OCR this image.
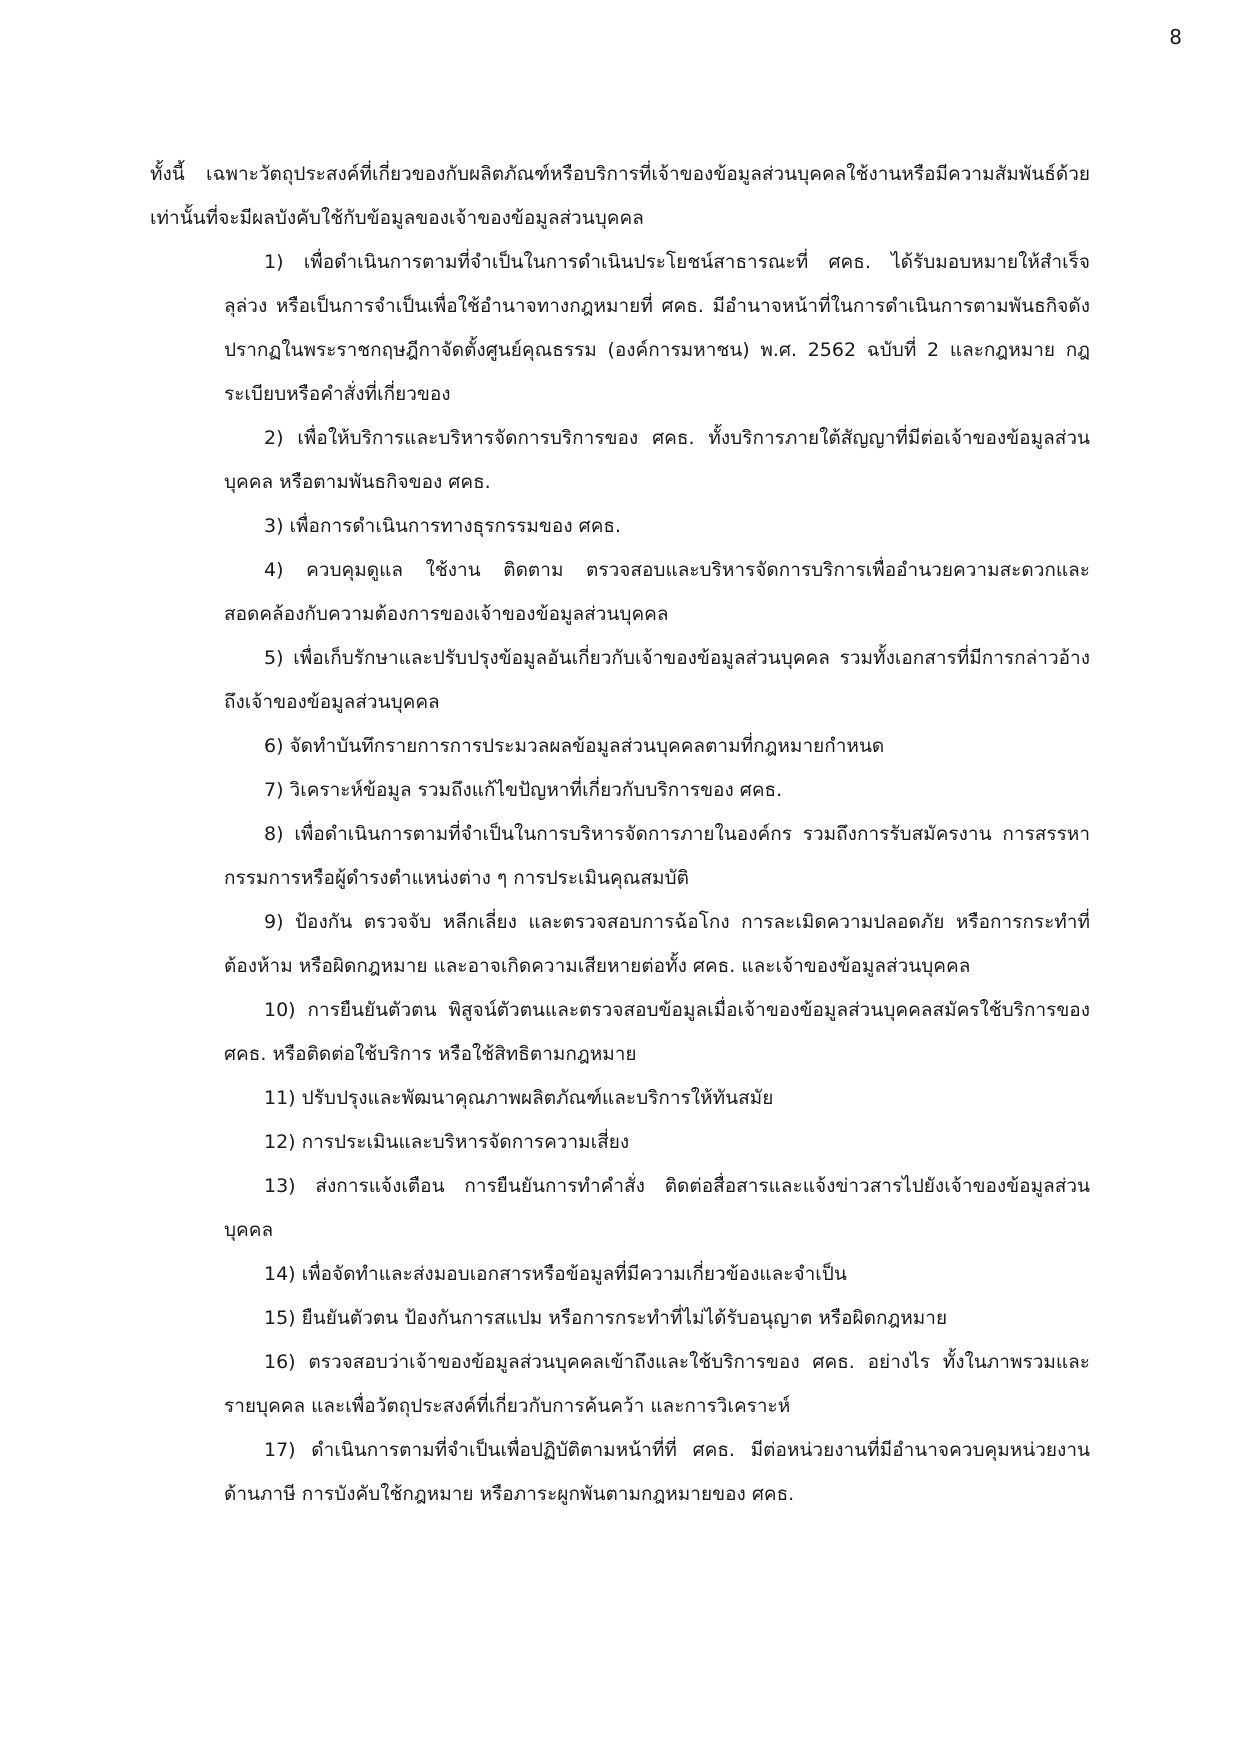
8

ทั้งนี้ เฉพาะวัตถุประสงค์ที่เกี่ยวของกับผลิตภัณฑ์หรือบริการที่เจ้าของข้อมูลส่วนบุคคลใช้งานหรือมีความสัมพันธ์ด้วยเท่านั้นที่จะมีผลบังคับใช้กับข้อมูลของเจ้าของข้อมูลส่วนบุคคล

1) เพื่อดำเนินการตามที่จำเป็นในการดำเนินประโยชน์สาธารณะที่ ศคธ. ได้รับมอบหมายให้สำเร็จลุล่วง หรือเป็นการจำเป็นเพื่อใช้อำนาจทางกฎหมายที่ ศคธ. มีอำนาจหน้าที่ในการดำเนินการตามพันธกิจดังปรากฏในพระราชกฤษฎีกาจัดตั้งศูนย์คุณธรรม (องค์การมหาชน) พ.ศ. 2562 ฉบับที่ 2 และกฎหมาย กฎ ระเบียบหรือคำสั่งที่เกี่ยวของ
2) เพื่อให้บริการและบริหารจัดการบริการของ ศคธ. ทั้งบริการภายใต้สัญญาที่มีต่อเจ้าของข้อมูลส่วนบุคคล หรือตามพันธกิจของ ศคธ.
3) เพื่อการดำเนินการทางธุรกรรมของ ศคธ.
4) ควบคุมดูแล ใช้งาน ติดตาม ตรวจสอบและบริหารจัดการบริการเพื่ออำนวยความสะดวกและสอดคล้องกับความต้องการของเจ้าของข้อมูลส่วนบุคคล
5) เพื่อเก็บรักษาและปรับปรุงข้อมูลอันเกี่ยวกับเจ้าของข้อมูลส่วนบุคคล รวมทั้งเอกสารที่มีการกล่าวอ้างถึงเจ้าของข้อมูลส่วนบุคคล
6) จัดทำบันทึกรายการการประมวลผลข้อมูลส่วนบุคคลตามที่กฎหมายกำหนด
7) วิเคราะห์ข้อมูล รวมถึงแก้ไขปัญหาที่เกี่ยวกับบริการของ ศคธ.
8) เพื่อดำเนินการตามที่จำเป็นในการบริหารจัดการภายในองค์กร รวมถึงการรับสมัครงาน การสรรหากรรมการหรือผู้ดำรงตำแหน่งต่าง ๆ การประเมินคุณสมบัติ
9) ป้องกัน ตรวจจับ หลีกเลี่ยง และตรวจสอบการฉ้อโกง การละเมิดความปลอดภัย หรือการกระทำที่ต้องห้าม หรือผิดกฎหมาย และอาจเกิดความเสียหายต่อทั้ง ศคธ. และเจ้าของข้อมูลส่วนบุคคล
10) การยืนยันตัวตน พิสูจน์ตัวตนและตรวจสอบข้อมูลเมื่อเจ้าของข้อมูลส่วนบุคคลสมัครใช้บริการของ ศคธ. หรือติดต่อใช้บริการ หรือใช้สิทธิตามกฎหมาย
11) ปรับปรุงและพัฒนาคุณภาพผลิตภัณฑ์และบริการให้ทันสมัย
12) การประเมินและบริหารจัดการความเสี่ยง
13) ส่งการแจ้งเตือน การยืนยันการทำคำสั่ง ติดต่อสื่อสารและแจ้งข่าวสารไปยังเจ้าของข้อมูลส่วนบุคคล
14) เพื่อจัดทำและส่งมอบเอกสารหรือข้อมูลที่มีความเกี่ยวข้องและจำเป็น
15) ยืนยันตัวตน ป้องกันการสแปม หรือการกระทำที่ไม่ได้รับอนุญาต หรือผิดกฎหมาย
16) ตรวจสอบว่าเจ้าของข้อมูลส่วนบุคคลเข้าถึงและใช้บริการของ ศคธ. อย่างไร ทั้งในภาพรวมและรายบุคคล และเพื่อวัตถุประสงค์ที่เกี่ยวกับการค้นคว้า และการวิเคราะห์
17) ดำเนินการตามที่จำเป็นเพื่อปฏิบัติตามหน้าที่ที่ ศคธ. มีต่อหน่วยงานที่มีอำนาจควบคุมหน่วยงานด้านภาษี การบังคับใช้กฎหมาย หรือภาระผูกพันตามกฎหมายของ ศคธ.
